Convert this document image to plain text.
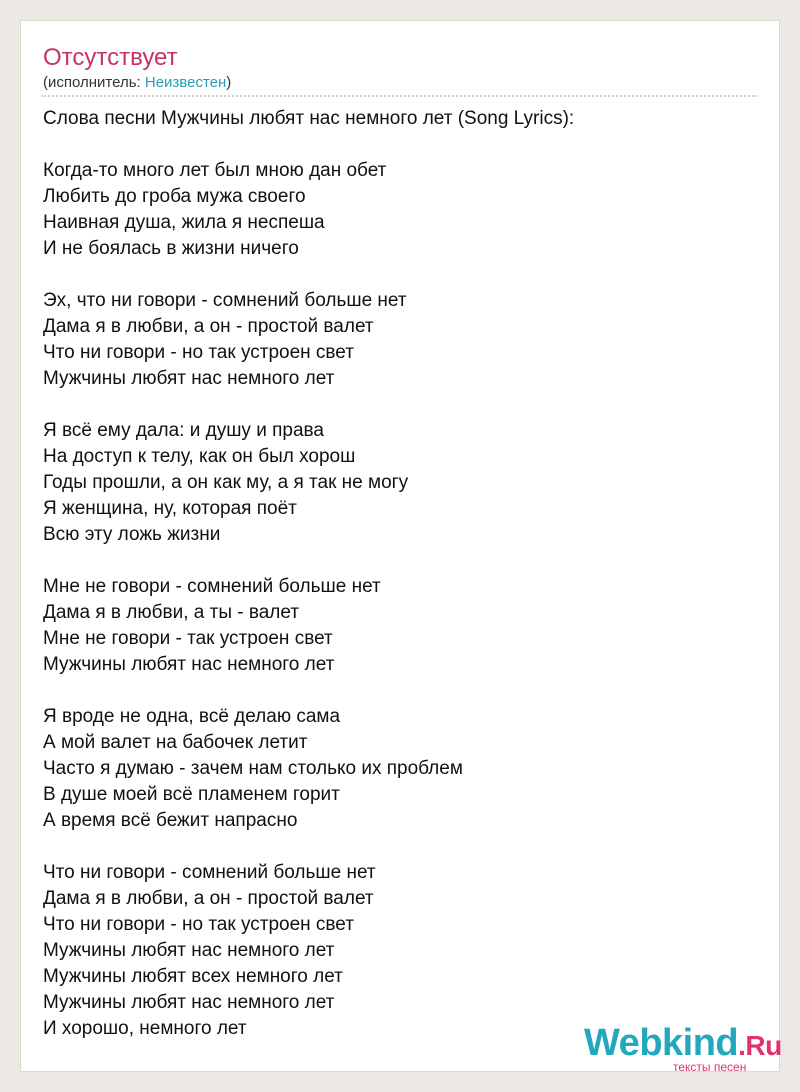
Отсутствует
(исполнитель: Неизвестен)
Слова песни Мужчины любят нас немного лет (Song Lyrics):
Когда-то много лет был мною дан обет
Любить до гроба мужа своего
Наивная душа, жила я неспеша
И не боялась в жизни ничего
Эх, что ни говори - сомнений больше нет
Дама я в любви, а он - простой валет
Что ни говори - но так устроен свет
Мужчины любят нас немного лет
Я всё ему дала: и душу и права
На доступ к телу, как он был хорош
Годы прошли, а он как му, а я так не могу
Я женщина, ну, которая поёт
Всю эту ложь жизни
Мне не говори - сомнений больше нет
Дама я в любви, а ты - валет
Мне не говори - так устроен свет
Мужчины любят нас немного лет
Я вроде не одна, всё делаю сама
А мой валет на бабочек летит
Часто я думаю - зачем нам столько их проблем
В душе моей всё пламенем горит
А время всё бежит напрасно
Что ни говори - сомнений больше нет
Дама я в любви, а он - простой валет
Что ни говори - но так устроен свет
Мужчины любят нас немного лет
Мужчины любят всех немного лет
Мужчины любят нас немного лет
И хорошо, немного лет	Webkind.Ru
тексты песен
